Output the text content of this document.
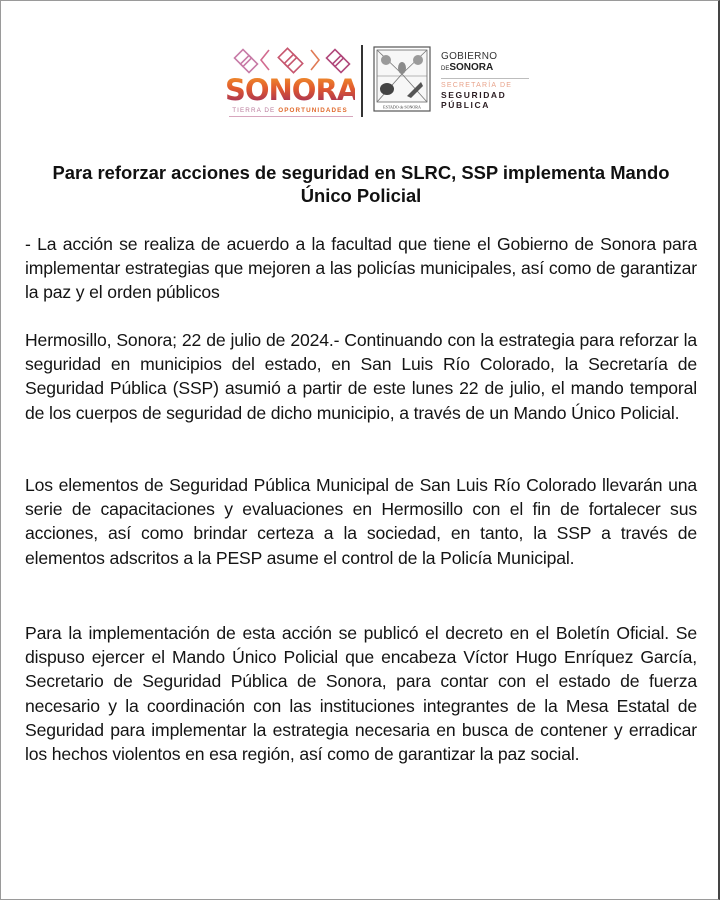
SONORA
TIERRA DE OPORTUNIDADES	ESTADO de SONORA
GOBIERNO
DESONORA
SECRETARÍA DE
SEGURIDAD
PÚBLICA
Para reforzar acciones de seguridad en SLRC, SSP implementa Mando Único Policial

- La acción se realiza de acuerdo a la facultad que tiene el Gobierno de Sonora para implementar estrategias que mejoren a las policías municipales, así como de garantizar la paz y el orden públicos

Hermosillo, Sonora; 22 de julio de 2024.- Continuando con la estrategia para reforzar la seguridad en municipios del estado, en San Luis Río Colorado, la Secretaría de Seguridad Pública (SSP) asumió a partir de este lunes 22 de julio, el mando temporal de los cuerpos de seguridad de dicho municipio, a través de un Mando Único Policial.

Los elementos de Seguridad Pública Municipal de San Luis Río Colorado llevarán una serie de capacitaciones y evaluaciones en Hermosillo con el fin de fortalecer sus acciones, así como brindar certeza a la sociedad, en tanto, la SSP a través de elementos adscritos a la PESP asume el control de la Policía Municipal.

Para la implementación de esta acción se publicó el decreto en el Boletín Oficial. Se dispuso ejercer el Mando Único Policial que encabeza Víctor Hugo Enríquez García, Secretario de Seguridad Pública de Sonora, para contar con el estado de fuerza necesario y la coordinación con las instituciones integrantes de la Mesa Estatal de Seguridad para implementar la estrategia necesaria en busca de contener y erradicar los hechos violentos en esa región, así como de garantizar la paz social.
